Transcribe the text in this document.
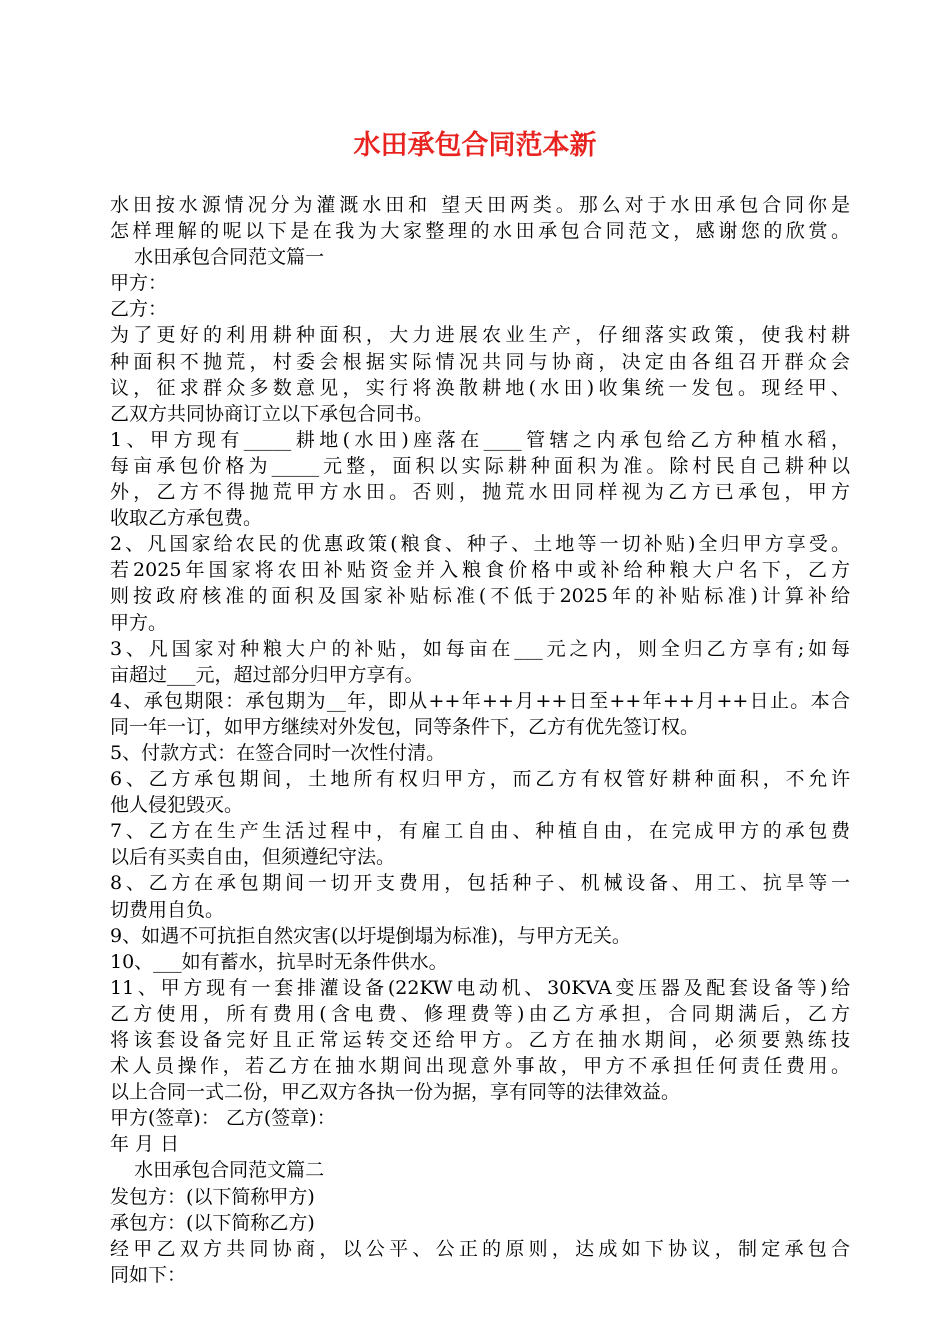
水田承包合同范本新
水田按水源情况分为灌溉水田和 望天田两类。那么对于水田承包合同你是
怎样理解的呢以下是在我为大家整理的水田承包合同范文，感谢您的欣赏。
水田承包合同范文篇一
甲方：
乙方：
为了更好的利用耕种面积，大力进展农业生产，仔细落实政策，使我村耕
种面积不抛荒，村委会根据实际情况共同与协商，决定由各组召开群众会
议，征求群众多数意见，实行将涣散耕地(水田)收集统一发包。现经甲、
乙双方共同协商订立以下承包合同书。
1、甲方现有_____耕地(水田)座落在____管辖之内承包给乙方种植水稻，
每亩承包价格为_____元整，面积以实际耕种面积为准。除村民自己耕种以
外，乙方不得抛荒甲方水田。否则，抛荒水田同样视为乙方已承包，甲方
收取乙方承包费。
2、凡国家给农民的优惠政策(粮食、种子、土地等一切补贴)全归甲方享受。
若2025年国家将农田补贴资金并入粮食价格中或补给种粮大户名下，乙方
则按政府核准的面积及国家补贴标准(不低于2025年的补贴标准)计算补给
甲方。
3、凡国家对种粮大户的补贴，如每亩在___元之内，则全归乙方享有;如每
亩超过___元，超过部分归甲方享有。
4、承包期限：承包期为__年，即从++年++月++日至++年++月++日止。本合
同一年一订，如甲方继续对外发包，同等条件下，乙方有优先签订权。
5、付款方式：在签合同时一次性付清。
6、乙方承包期间，土地所有权归甲方，而乙方有权管好耕种面积，不允许
他人侵犯毁灭。
7、乙方在生产生活过程中，有雇工自由、种植自由，在完成甲方的承包费
以后有买卖自由，但须遵纪守法。
8、乙方在承包期间一切开支费用，包括种子、机械设备、用工、抗旱等一
切费用自负。
9、如遇不可抗拒自然灾害(以圩堤倒塌为标准)，与甲方无关。
10、___如有蓄水，抗旱时无条件供水。
11、甲方现有一套排灌设备(22KW电动机、30KVA变压器及配套设备等)给
乙方使用，所有费用(含电费、修理费等)由乙方承担，合同期满后，乙方
将该套设备完好且正常运转交还给甲方。乙方在抽水期间，必须要熟练技
术人员操作，若乙方在抽水期间出现意外事故，甲方不承担任何责任费用。
以上合同一式二份，甲乙双方各执一份为据，享有同等的法律效益。
甲方(签章)： 乙方(签章)：
年 月 日
水田承包合同范文篇二
发包方：(以下简称甲方)
承包方：(以下简称乙方)
经甲乙双方共同协商，以公平、公正的原则，达成如下协议，制定承包合
同如下：
